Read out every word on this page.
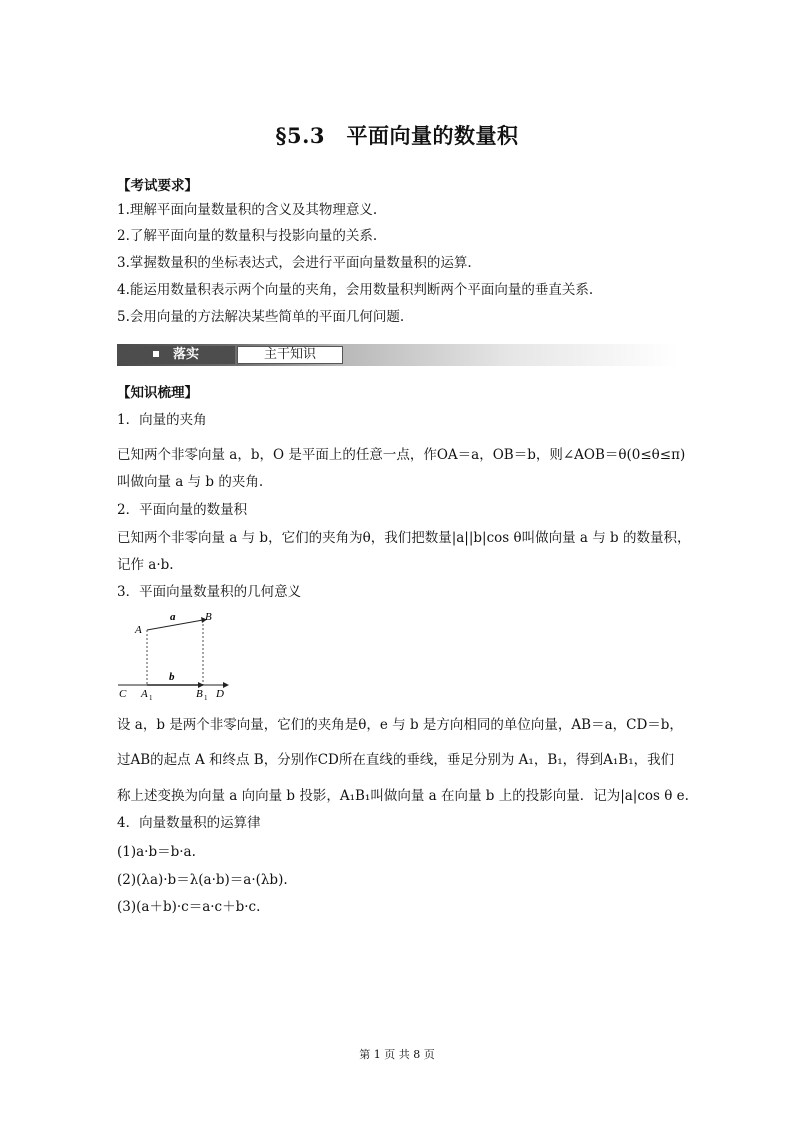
§5.3　平面向量的数量积
【考试要求】
1.理解平面向量数量积的含义及其物理意义.
2.了解平面向量的数量积与投影向量的关系.
3.掌握数量积的坐标表达式，会进行平面向量数量积的运算.
4.能运用数量积表示两个向量的夹角，会用数量积判断两个平面向量的垂直关系.
5.会用向量的方法解决某些简单的平面几何问题.
落实	主干知识
【知识梳理】
1．向量的夹角
已知两个非零向量 a，b，O 是平面上的任意一点，作OA＝a，OB＝b，则∠AOB＝θ(0≤θ≤π)
叫做向量 a 与 b 的夹角.
2．平面向量的数量积
已知两个非零向量 a 与 b，它们的夹角为θ，我们把数量|a||b|cos θ叫做向量 a 与 b 的数量积，
记作 a·b.
3．平面向量数量积的几何意义
A
B
a
b
C A 1	B 1 D
设 a，b 是两个非零向量，它们的夹角是θ，e 与 b 是方向相同的单位向量，AB＝a，CD＝b，
过AB的起点 A 和终点 B，分别作CD所在直线的垂线，垂足分别为 A₁，B₁，得到A₁B₁，我们
称上述变换为向量 a 向向量 b 投影，A₁B₁叫做向量 a 在向量 b 上的投影向量．记为|a|cos θ e.
4．向量数量积的运算律
(1)a·b＝b·a.
(2)(λa)·b＝λ(a·b)＝a·(λb).
(3)(a＋b)·c＝a·c＋b·c.
第 1 页 共 8 页
